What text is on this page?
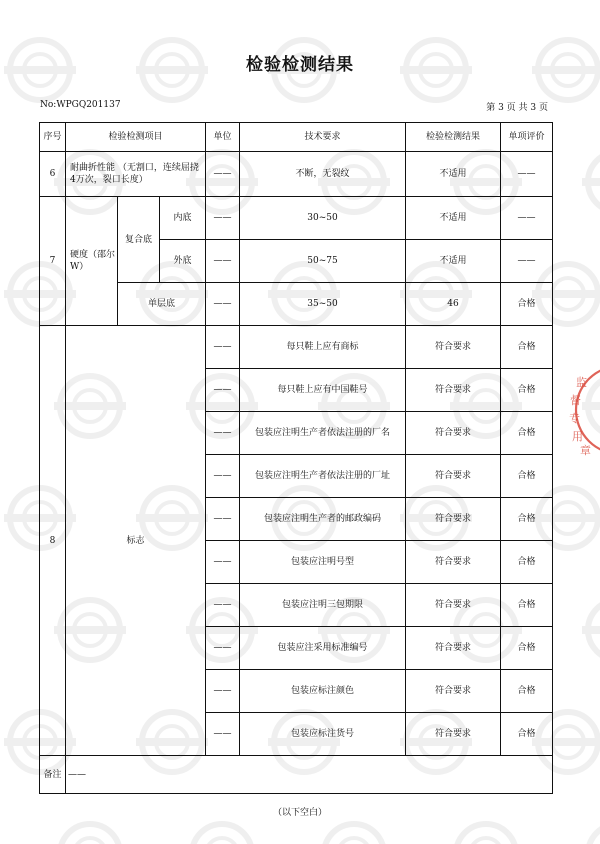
检验检测结果
No:WPGQ201137	第 3 页 共 3 页
序号	检验检测项目			单位	技术要求	检验检测结果	单项评价
6	耐曲折性能 （无割口，连续屈挠4万次，裂口长度）			——	不断，无裂纹	不适用	——
7	硬度（邵尔W）	复合底	内底	——	30~50	不适用	——
			外底	——	50~75	不适用	——
		单层底		——	35~50	46	合格
8	标志			——	每只鞋上应有商标	符合要求	合格
				——	每只鞋上应有中国鞋号	符合要求	合格
				——	包装应注明生产者依法注册的厂名	符合要求	合格
				——	包装应注明生产者依法注册的厂址	符合要求	合格
				——	包装应注明生产者的邮政编码	符合要求	合格
				——	包装应注明号型	符合要求	合格
				——	包装应注明三包期限	符合要求	合格
				——	包装应注采用标准编号	符合要求	合格
				——	包装应标注颜色	符合要求	合格
				——	包装应标注货号	符合要求	合格
备注	——						
监
督
专
用
章
（以下空白）
